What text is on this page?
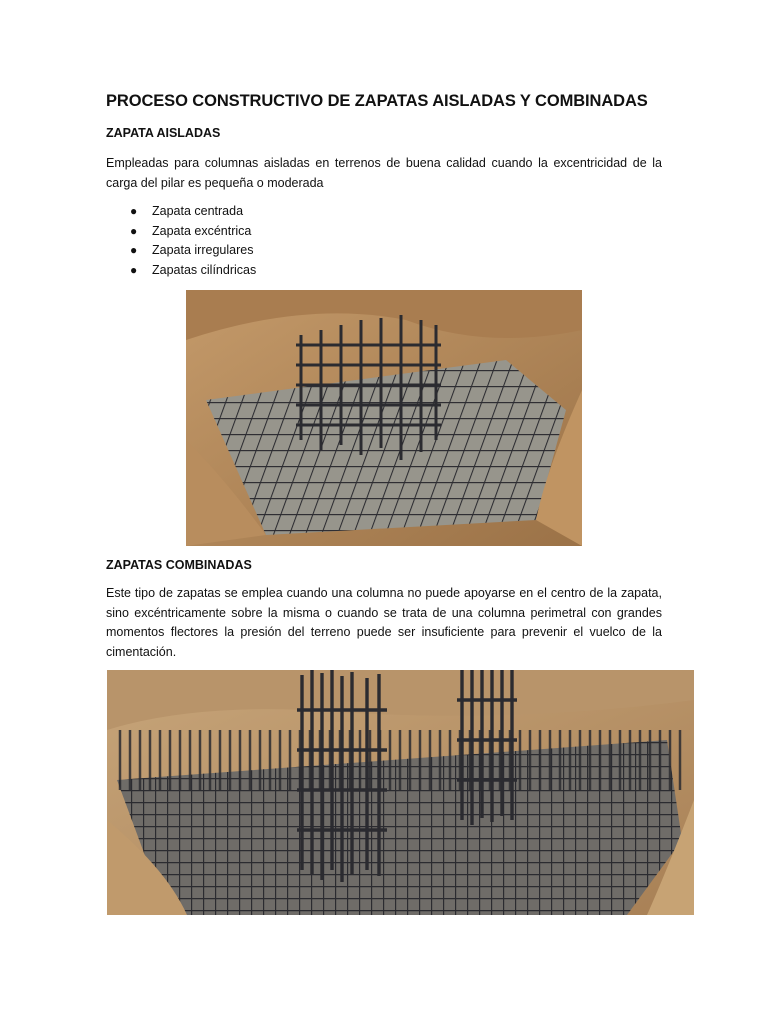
PROCESO CONSTRUCTIVO DE ZAPATAS AISLADAS Y COMBINADAS
ZAPATA AISLADAS

Empleadas para columnas aisladas en terrenos de buena calidad cuando la excentricidad de la carga del pilar es pequeña o moderada

● Zapata centrada
● Zapata excéntrica
● Zapata irregulares
● Zapatas cilíndricas
ZAPATAS COMBINADAS

Este tipo de zapatas se emplea cuando una columna no puede apoyarse en el centro de la zapata, sino excéntricamente sobre la misma o cuando se trata de una columna perimetral con grandes momentos flectores la presión del terreno puede ser insuficiente para prevenir el vuelco de la cimentación.
